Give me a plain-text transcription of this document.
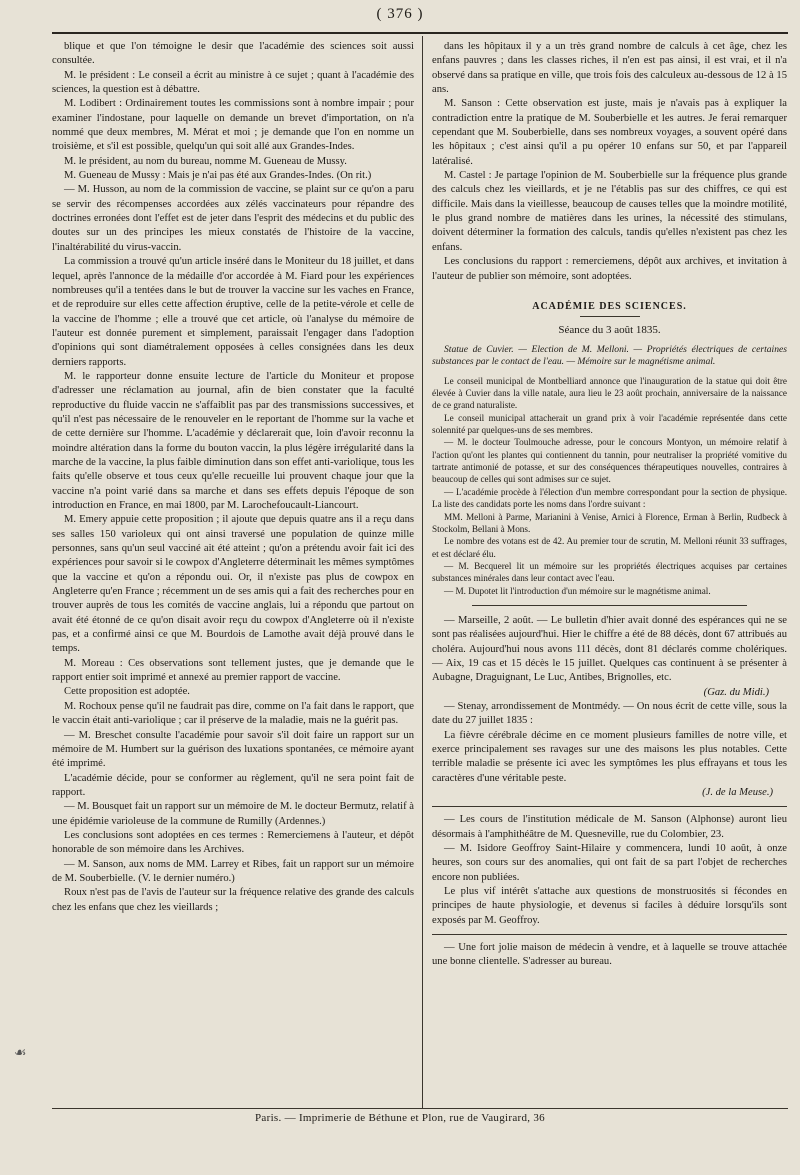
( 376 )

blique et que l'on témoigne le desir que l'académie des sciences soit aussi consultée.

M. le président : Le conseil a écrit au ministre à ce sujet ; quant à l'académie des sciences, la question est à débattre.

M. Lodibert : Ordinairement toutes les commissions sont à nombre impair ; pour examiner l'indostane, pour laquelle on demande un brevet d'importation, on n'a nommé que deux membres, M. Mérat et moi ; je demande que l'on en nomme un troisième, et s'il est possible, quelqu'un qui soit allé aux Grandes-Indes.

M. le président, au nom du bureau, nomme M. Gueneau de Mussy.

M. Gueneau de Mussy : Mais je n'ai pas été aux Grandes-Indes. (On rit.)

— M. Husson, au nom de la commission de vaccine, se plaint sur ce qu'on a paru se servir des récompenses accordées aux zélés vaccinateurs pour répandre des doctrines erronées dont l'effet est de jeter dans l'esprit des médecins et du public des doutes sur un des principes les mieux constatés de l'histoire de la vaccine, l'inaltérabilité du virus-vaccin.

La commission a trouvé qu'un article inséré dans le Moniteur du 18 juillet, et dans lequel, après l'annonce de la médaille d'or accordée à M. Fiard pour les expériences nombreuses qu'il a tentées dans le but de trouver la vaccine sur les vaches en France, et de reproduire sur elles cette affection éruptive, celle de la petite-vérole et celle de la vaccine de l'homme ; elle a trouvé que cet article, où l'analyse du mémoire de l'auteur est donnée purement et simplement, paraissait l'engager dans l'adoption d'opinions qui sont diamétralement opposées à celles consignées dans les deux derniers rapports.

M. le rapporteur donne ensuite lecture de l'article du Moniteur et propose d'adresser une réclamation au journal, afin de bien constater que la faculté reproductive du fluide vaccin ne s'affaiblit pas par des transmissions successives, et qu'il n'est pas nécessaire de le renouveler en le reportant de l'homme sur la vache et de cette dernière sur l'homme. L'académie y déclarerait que, loin d'avoir reconnu la moindre altération dans la forme du bouton vaccin, la plus légère irrégularité dans la marche de la vaccine, la plus faible diminution dans son effet anti-variolique, tous les faits qu'elle observe et tous ceux qu'elle recueille lui prouvent chaque jour que la vaccine n'a point varié dans sa marche et dans ses effets depuis l'époque de son introduction en France, en mai 1800, par M. Larochefoucault-Liancourt.

M. Emery appuie cette proposition ; il ajoute que depuis quatre ans il a reçu dans ses salles 150 varioleux qui ont ainsi traversé une population de quinze mille personnes, sans qu'un seul vacciné ait été atteint ; qu'on a prétendu avoir fait ici des expériences pour savoir si le cowpox d'Angleterre déterminait les mêmes symptômes que la vaccine et qu'on a répondu oui. Or, il n'existe pas plus de cowpox en Angleterre qu'en France ; récemment un de ses amis qui a fait des recherches pour en trouver auprès de tous les comités de vaccine anglais, lui a répondu que partout on avait été étonné de ce qu'on disait avoir reçu du cowpox d'Angleterre où il n'existe pas, et a confirmé ainsi ce que M. Bourdois de Lamothe avait déjà prouvé dans le temps.

M. Moreau : Ces observations sont tellement justes, que je demande que le rapport entier soit imprimé et annexé au premier rapport de vaccine.

Cette proposition est adoptée.

M. Rochoux pense qu'il ne faudrait pas dire, comme on l'a fait dans le rapport, que le vaccin était anti-variolique ; car il préserve de la maladie, mais ne la guérit pas.

— M. Breschet consulte l'académie pour savoir s'il doit faire un rapport sur un mémoire de M. Humbert sur la guérison des luxations spontanées, ce mémoire ayant été imprimé.

L'académie décide, pour se conformer au règlement, qu'il ne sera point fait de rapport.

— M. Bousquet fait un rapport sur un mémoire de M. le docteur Bermutz, relatif à une épidémie varioleuse de la commune de Rumilly (Ardennes.)

Les conclusions sont adoptées en ces termes : Remerciemens à l'auteur, et dépôt honorable de son mémoire dans les Archives.

— M. Sanson, aux noms de MM. Larrey et Ribes, fait un rapport sur un mémoire de M. Souberbielle. (V. le dernier numéro.)

Roux n'est pas de l'avis de l'auteur sur la fréquence relative des grande des calculs chez les enfans que chez les vieillards ;

dans les hôpitaux il y a un très grand nombre de calculs à cet âge, chez les enfans pauvres ; dans les classes riches, il n'en est pas ainsi, il est vrai, et il n'a observé dans sa pratique en ville, que trois fois des calculeux au-dessous de 12 à 15 ans.

M. Sanson : Cette observation est juste, mais je n'avais pas à expliquer la contradiction entre la pratique de M. Souberbielle et les autres. Je ferai remarquer cependant que M. Souberbielle, dans ses nombreux voyages, a souvent opéré dans les hôpitaux ; c'est ainsi qu'il a pu opérer 10 enfans sur 50, et par l'appareil latéralisé.

M. Castel : Je partage l'opinion de M. Souberbielle sur la fréquence plus grande des calculs chez les vieillards, et je ne l'établis pas sur des chiffres, ce qui est difficile. Mais dans la vieillesse, beaucoup de causes telles que la moindre motilité, le plus grand nombre de matières dans les urines, la nécessité des stimulans, doivent déterminer la formation des calculs, tandis qu'elles n'existent pas chez les enfans.

Les conclusions du rapport : remerciemens, dépôt aux archives, et invitation à l'auteur de publier son mémoire, sont adoptées.

ACADÉMIE DES SCIENCES.

Séance du 3 août 1835.

Statue de Cuvier. — Election de M. Melloni. — Propriétés électriques de certaines substances par le contact de l'eau. — Mémoire sur le magnétisme animal.

Le conseil municipal de Montbelliard annonce que l'inauguration de la statue qui doit être élevée à Cuvier dans la ville natale, aura lieu le 23 août prochain, anniversaire de la naissance de ce grand naturaliste.

Le conseil municipal attacherait un grand prix à voir l'académie représentée dans cette solennité par quelques-uns de ses membres.

— M. le docteur Toulmouche adresse, pour le concours Montyon, un mémoire relatif à l'action qu'ont les plantes qui contiennent du tannin, pour neutraliser la propriété vomitive du tartrate antimonié de potasse, et sur des conséquences thérapeutiques nouvelles, contraires à beaucoup de celles qui sont admises sur ce sujet.

— L'académie procède à l'élection d'un membre correspondant pour la section de physique. La liste des candidats porte les noms dans l'ordre suivant :

MM. Melloni à Parme, Marianini à Venise, Arnici à Florence, Erman à Berlin, Rudbeck à Stockolm, Bellani à Mons.

Le nombre des votans est de 42. Au premier tour de scrutin, M. Melloni réunit 33 suffrages, et est déclaré élu.

— M. Becquerel lit un mémoire sur les propriétés électriques acquises par certaines substances minérales dans leur contact avec l'eau.

— M. Dupotet lit l'introduction d'un mémoire sur le magnétisme animal.

— Marseille, 2 août. — Le bulletin d'hier avait donné des espérances qui ne se sont pas réalisées aujourd'hui. Hier le chiffre a été de 88 décès, dont 67 attribués au choléra. Aujourd'hui nous avons 111 décès, dont 81 déclarés comme cholériques. — Aix, 19 cas et 15 décès le 15 juillet. Quelques cas continuent à se présenter à Aubagne, Draguignant, Le Luc, Antibes, Brignolles, etc.

(Gaz. du Midi.)

— Stenay, arrondissement de Montmédy. — On nous écrit de cette ville, sous la date du 27 juillet 1835 :

La fièvre cérébrale décime en ce moment plusieurs familles de notre ville, et exerce principalement ses ravages sur une des maisons les plus notables. Cette terrible maladie se présente ici avec les symptômes les plus effrayans et tous les caractères d'une véritable peste.

(J. de la Meuse.)

— Les cours de l'institution médicale de M. Sanson (Alphonse) auront lieu désormais à l'amphithéâtre de M. Quesneville, rue du Colombier, 23.

— M. Isidore Geoffroy Saint-Hilaire y commencera, lundi 10 août, à onze heures, son cours sur des anomalies, qui ont fait de sa part l'objet de recherches encore non publiées.

Le plus vif intérêt s'attache aux questions de monstruosités si fécondes en principes de haute physiologie, et devenus si faciles à déduire lorsqu'ils sont exposés par M. Geoffroy.

— Une fort jolie maison de médecin à vendre, et à laquelle se trouve attachée une bonne clientelle. S'adresser au bureau.

☙
Paris. — Imprimerie de Béthune et Plon, rue de Vaugirard, 36
